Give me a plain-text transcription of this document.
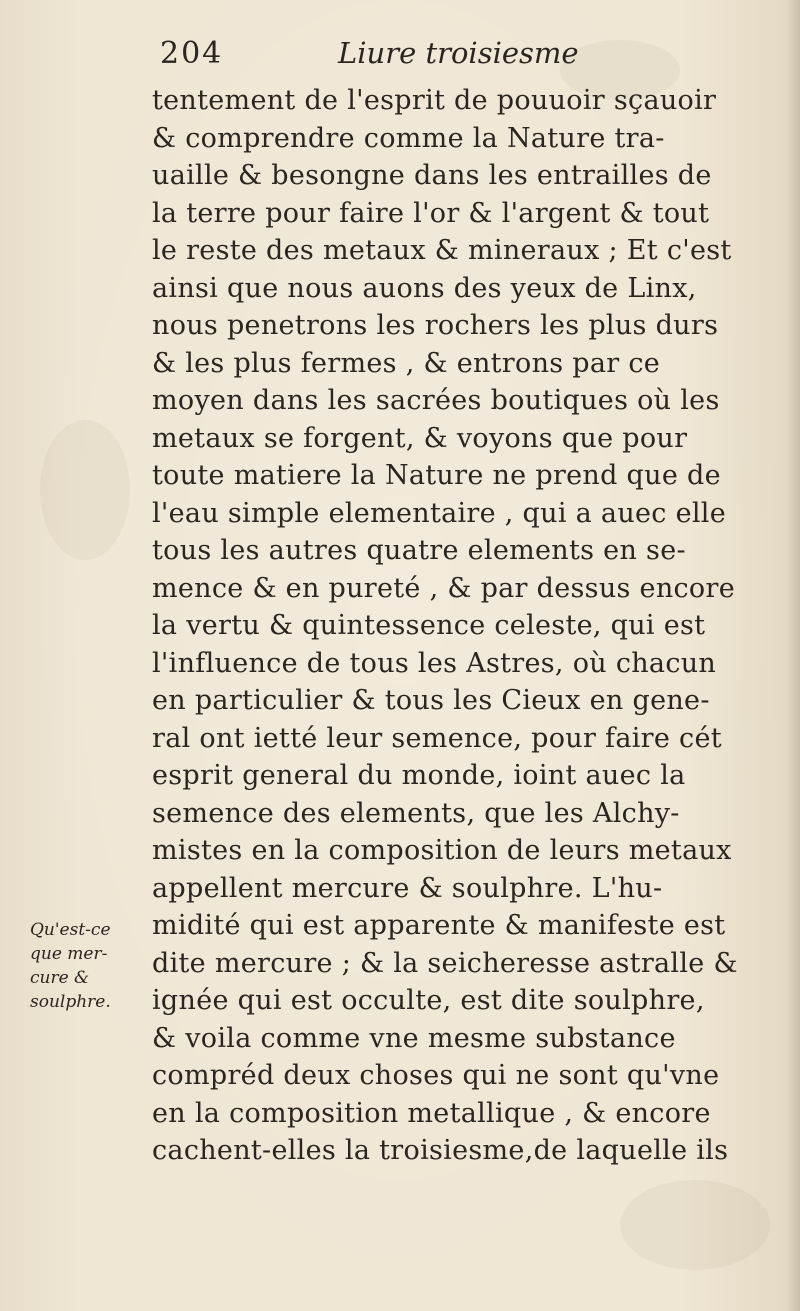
204	Liure troisiesme
tentement de l'esprit de pouuoir sçauoir
& comprendre comme la Nature tra-
uaille & besongne dans les entrailles de
la terre pour faire l'or & l'argent & tout
le reste des metaux & mineraux ; Et c'est
ainsi que nous auons des yeux de Linx,
nous penetrons les rochers les plus durs
& les plus fermes , & entrons par ce
moyen dans les sacrées boutiques où les
metaux se forgent, & voyons que pour
toute matiere la Nature ne prend que de
l'eau simple elementaire , qui a auec elle
tous les autres quatre elements en se-
mence & en pureté , & par dessus encore
la vertu & quintessence celeste, qui est
l'influence de tous les Astres, où chacun
en particulier & tous les Cieux en gene-
ral ont ietté leur semence, pour faire cét
esprit general du monde, ioint auec la
semence des elements, que les Alchy-
mistes en la composition de leurs metaux
appellent mercure & soulphre. L'hu-
midité qui est apparente & manifeste est
dite mercure ; & la seicheresse astralle &
ignée qui est occulte, est dite soulphre,
& voila comme vne mesme substance
compréd deux choses qui ne sont qu'vne
en la composition metallique , & encore
cachent-elles la troisiesme,de laquelle ils
Qu'est-ce
que mer-
cure &
soulphre.
